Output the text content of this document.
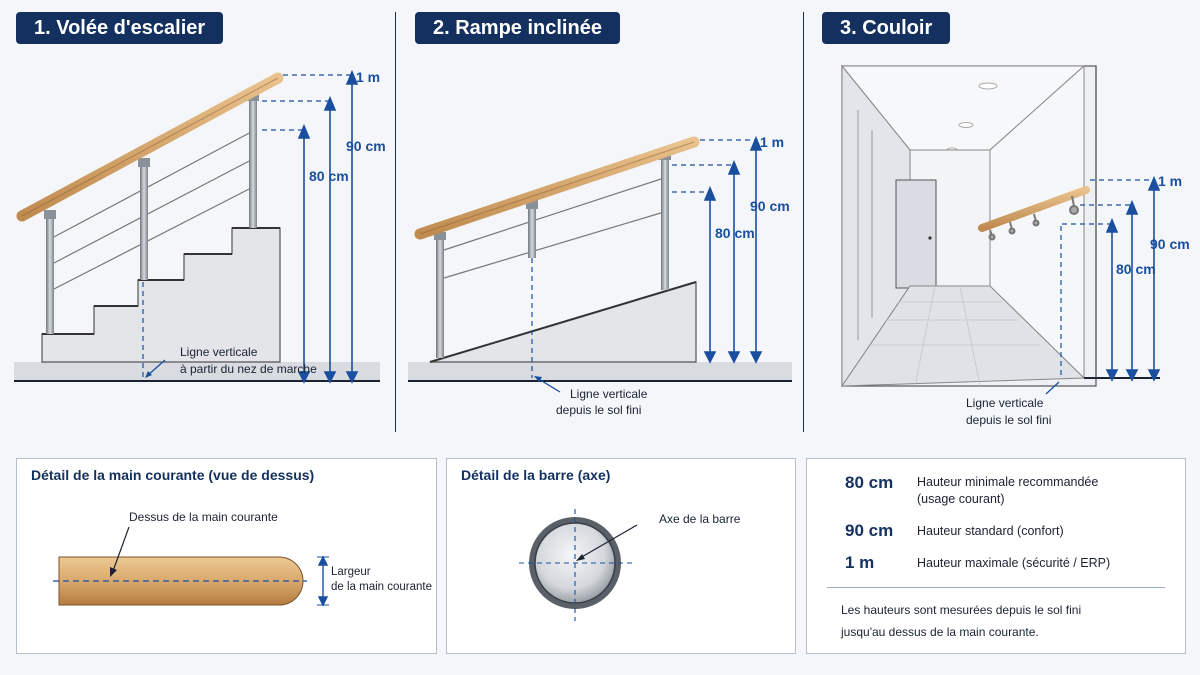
1. Volée d'escalier	2. Rampe inclinée	3. Couloir
1 m
90 cm
80 cm
Ligne verticale
à partir du nez de marche
1 m
90 cm
80 cm
Ligne verticale
depuis le sol fini
1 m
90 cm
80 cm
Ligne verticale
depuis le sol fini
Détail de la main courante (vue de dessus)
Dessus de la main courante
Largeur
de la main courante
Détail de la barre (axe)
Axe de la barre
80 cm Hauteur minimale recommandée
(usage courant)
90 cm Hauteur standard (confort)
1 m	Hauteur maximale (sécurité / ERP)
Les hauteurs sont mesurées depuis le sol fini
jusqu'au dessus de la main courante.
